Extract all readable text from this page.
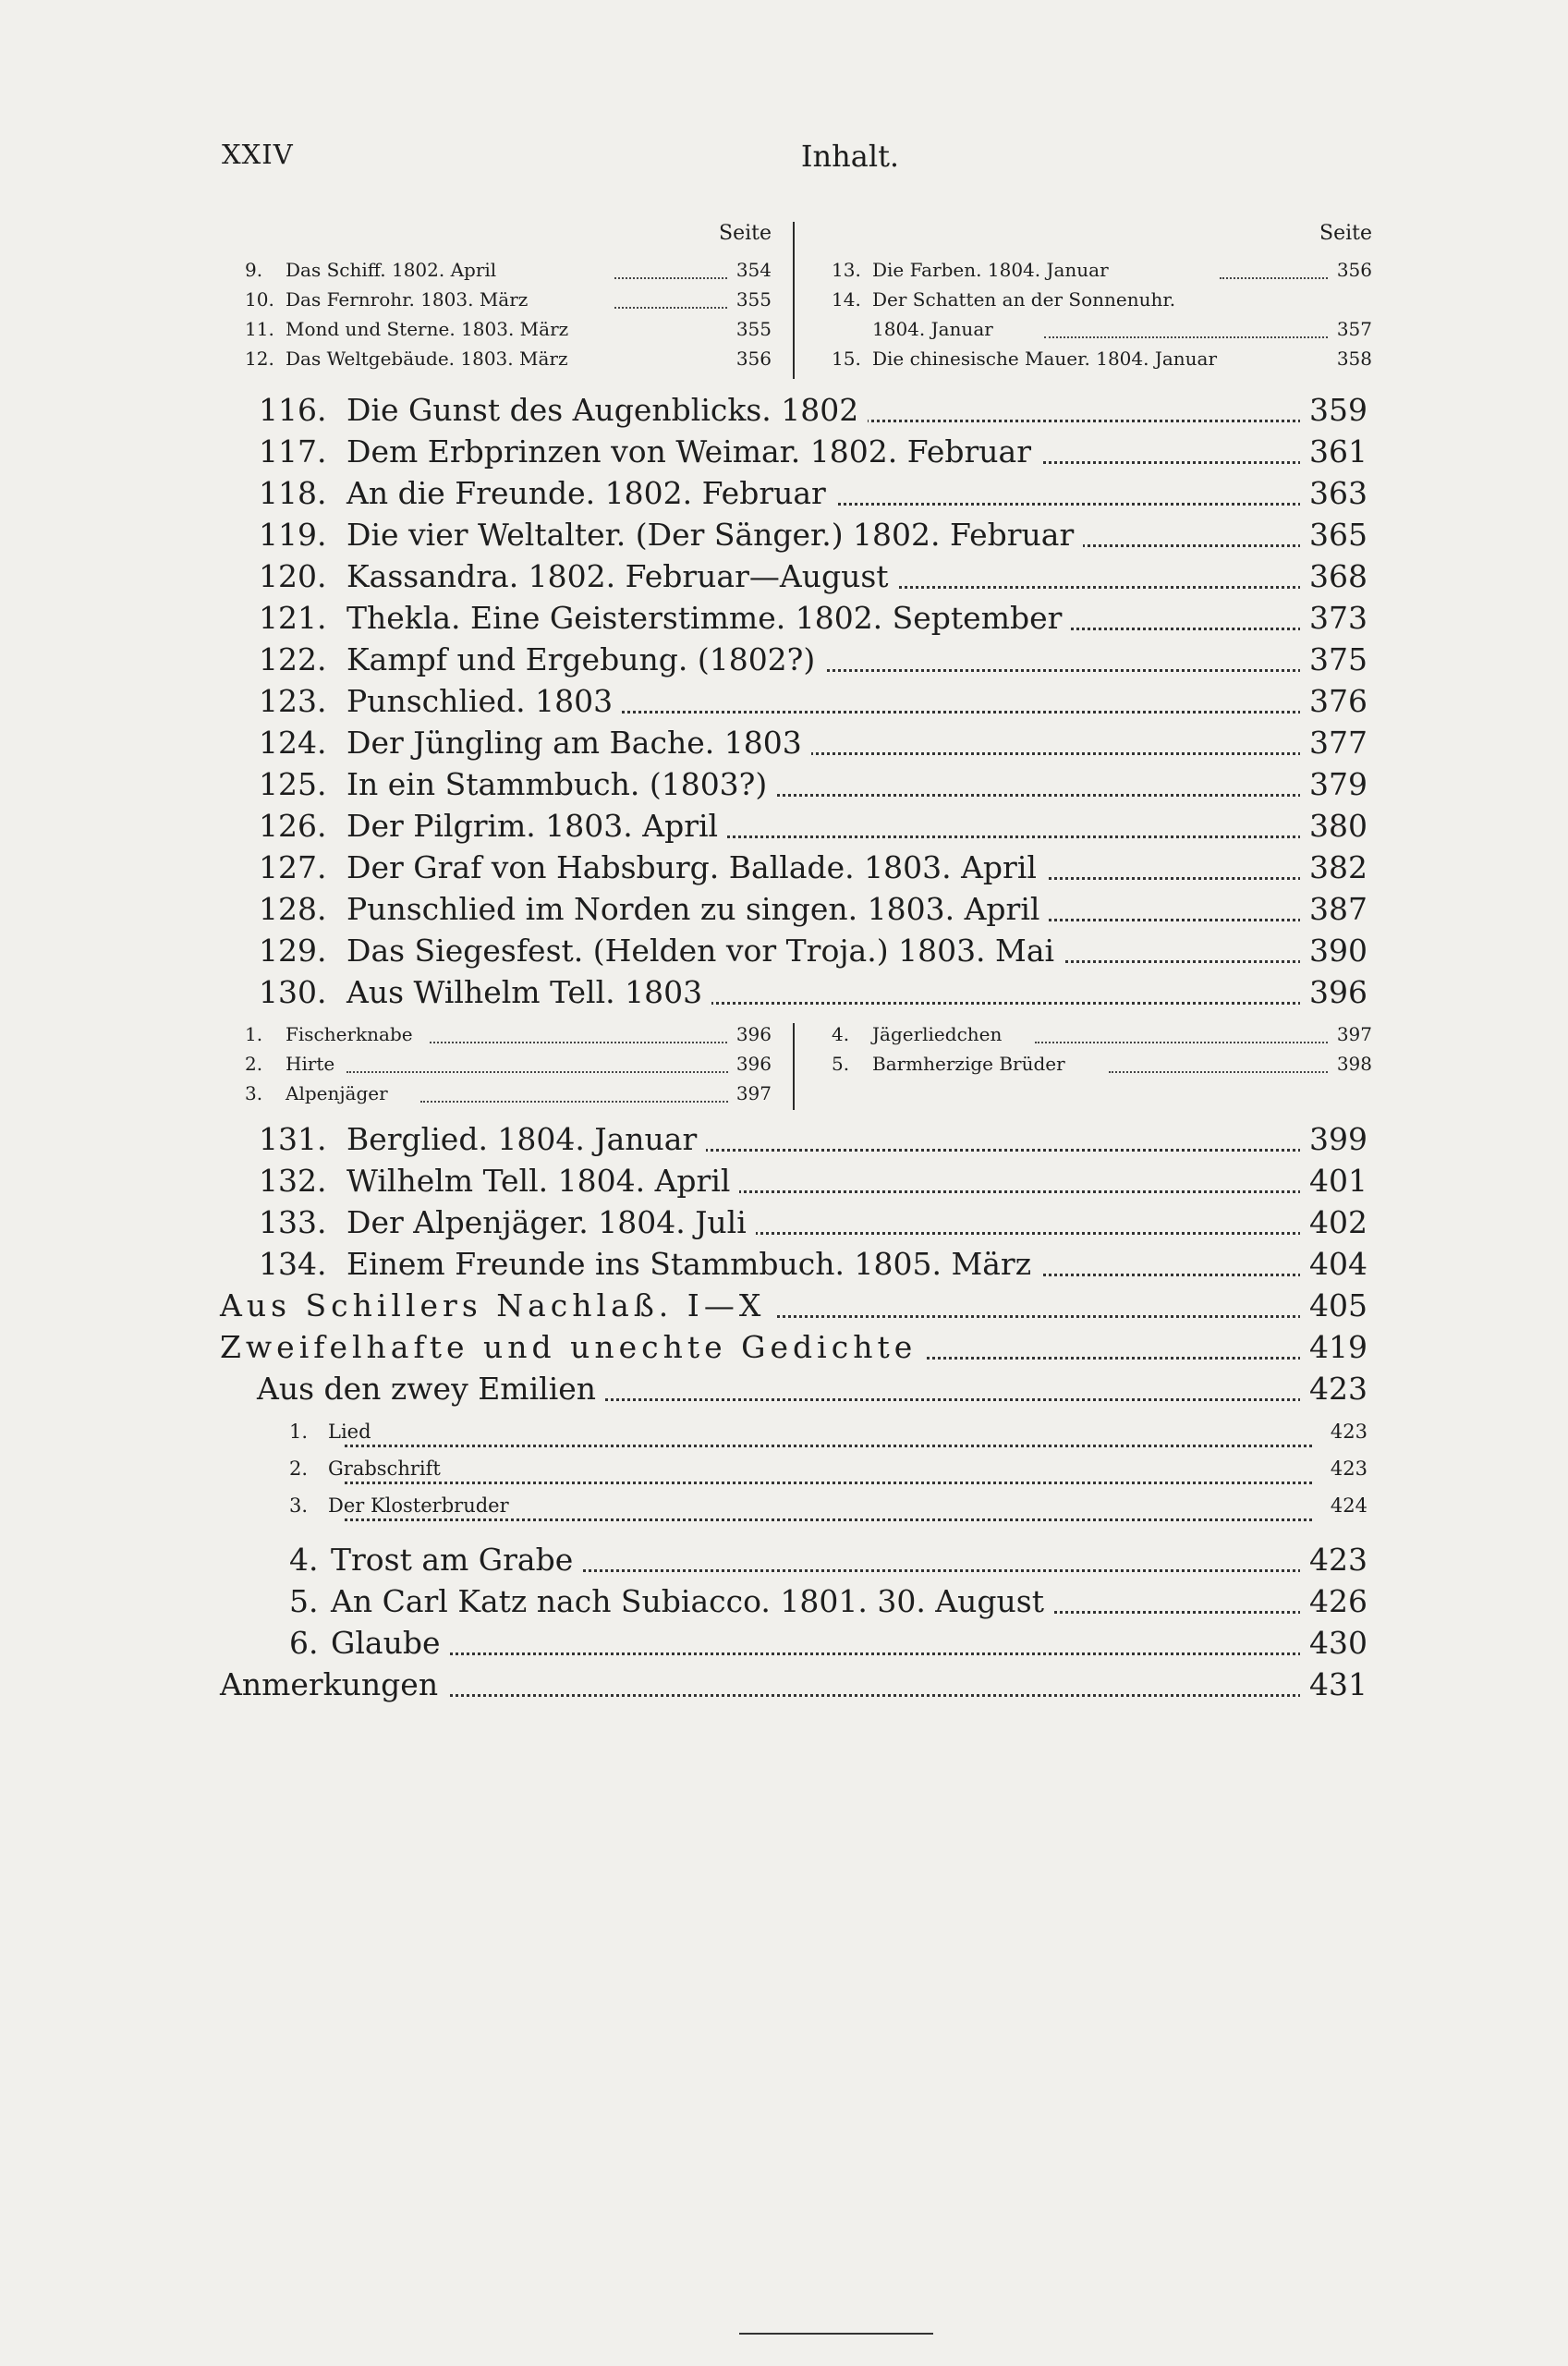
XXIV	Inhalt.
Seite
9.	Das Schiff. 1802. April	354
10. Das Fernrohr. 1803. März	355
11. Mond und Sterne. 1803. März	355
12. Das Weltgebäude. 1803. März	356
Seite
13. Die Farben. 1804. Januar	356
14. Der Schatten an der Sonnenuhr.
1804. Januar	357
15. Die chinesische Mauer. 1804. Januar	358
116. Die Gunst des Augenblicks. 1802	359
117. Dem Erbprinzen von Weimar. 1802. Februar	361
118. An die Freunde. 1802. Februar	363
119. Die vier Weltalter. (Der Sänger.) 1802. Februar	365
120. Kassandra. 1802. Februar—August	368
121. Thekla. Eine Geisterstimme. 1802. September	373
122. Kampf und Ergebung. (1802?)	375
123. Punschlied. 1803	376
124. Der Jüngling am Bache. 1803	377
125. In ein Stammbuch. (1803?)	379
126. Der Pilgrim. 1803. April	380
127. Der Graf von Habsburg. Ballade. 1803. April	382
128. Punschlied im Norden zu singen. 1803. April	387
129. Das Siegesfest. (Helden vor Troja.) 1803. Mai	390
130. Aus Wilhelm Tell. 1803	396
1.	Fischerknabe	396
2.	Hirte	396
3.	Alpenjäger	397
4.	Jägerliedchen	397
5.	Barmherzige Brüder	398
131. Berglied. 1804. Januar	399
132. Wilhelm Tell. 1804. April	401
133. Der Alpenjäger. 1804. Juli	402
134. Einem Freunde ins Stammbuch. 1805. März	404
Aus Schillers Nachlaß. I—X	405
Zweifelhafte und unechte Gedichte	419
Aus den zwey Emilien	423
1. Lied	423
2. Grabschrift	423
3. Der Klosterbruder	424
4. Trost am Grabe	423
5. An Carl Katz nach Subiacco. 1801. 30. August	426
6. Glaube	430
Anmerkungen	431
